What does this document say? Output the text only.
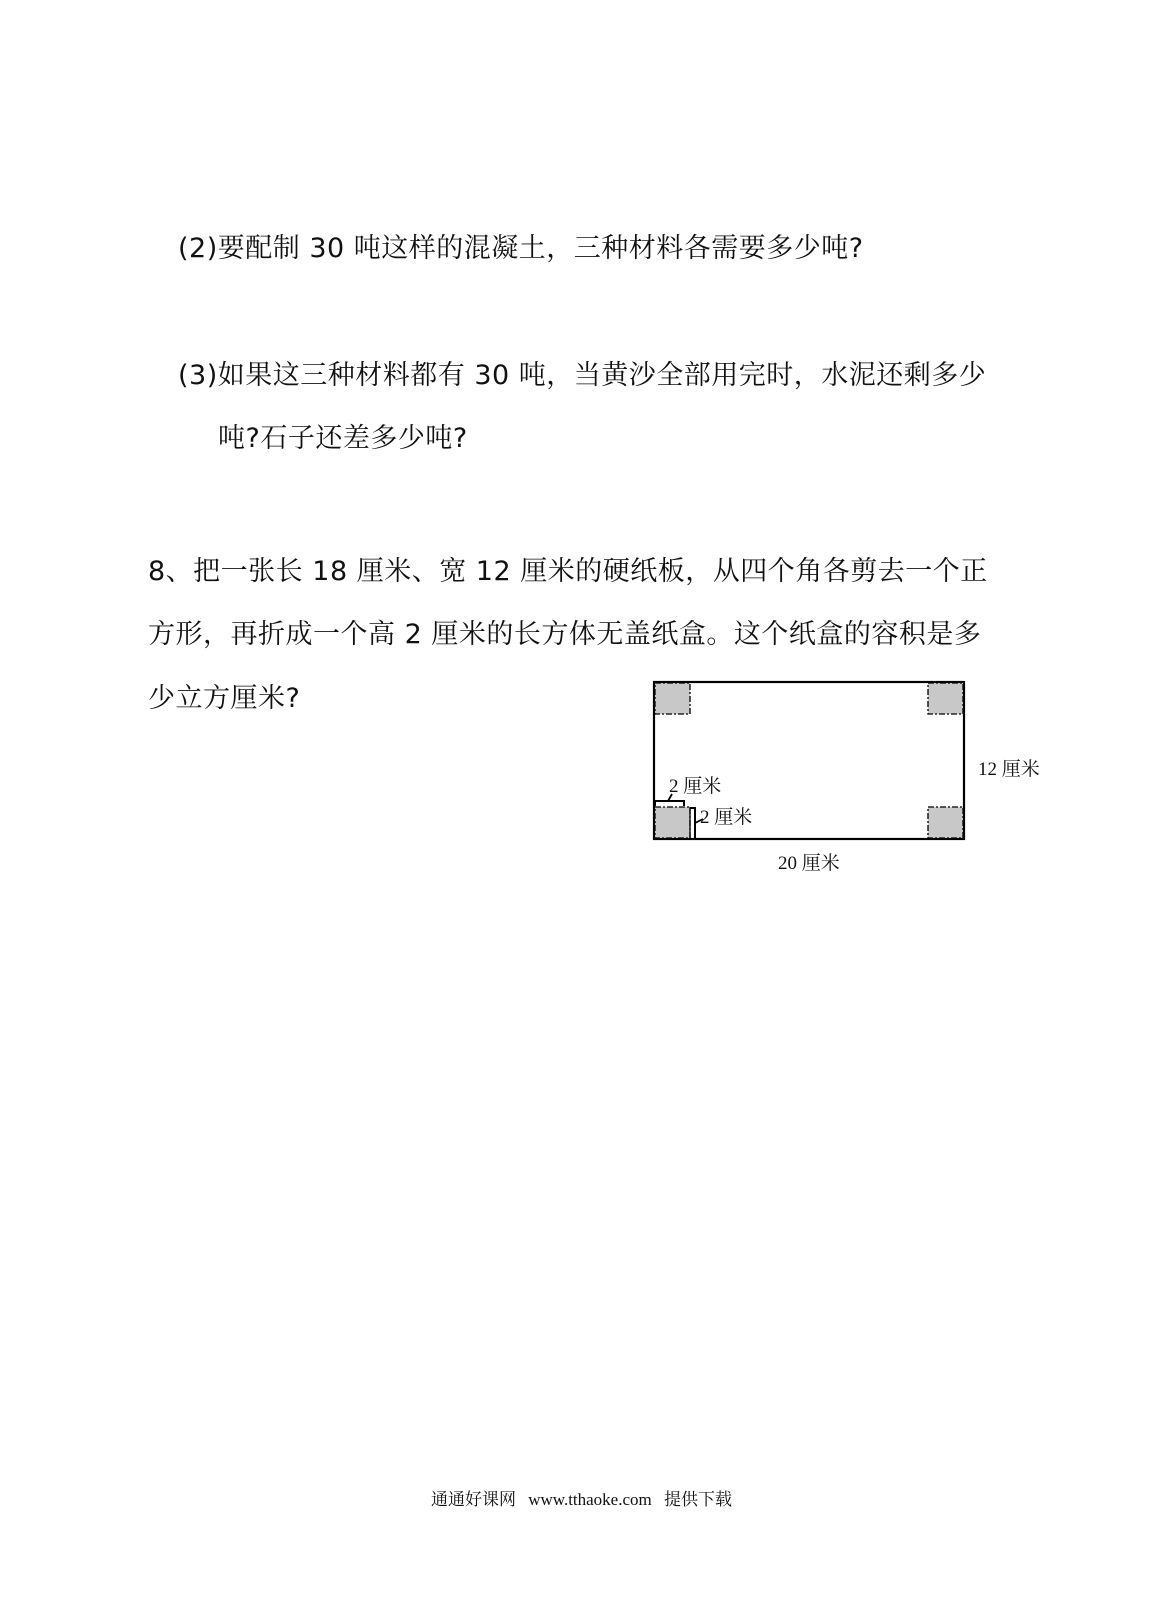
(2)要配制 30 吨这样的混凝土，三种材料各需要多少吨?
(3)如果这三种材料都有 30 吨，当黄沙全部用完时，水泥还剩多少
吨?石子还差多少吨?
8、把一张长 18 厘米、宽 12 厘米的硬纸板，从四个角各剪去一个正
方形，再折成一个高 2 厘米的长方体无盖纸盒。这个纸盒的容积是多
少立方厘米?
12 厘米
2 厘米
2 厘米
20 厘米
通通好课网 www.tthaoke.com 提供下载
